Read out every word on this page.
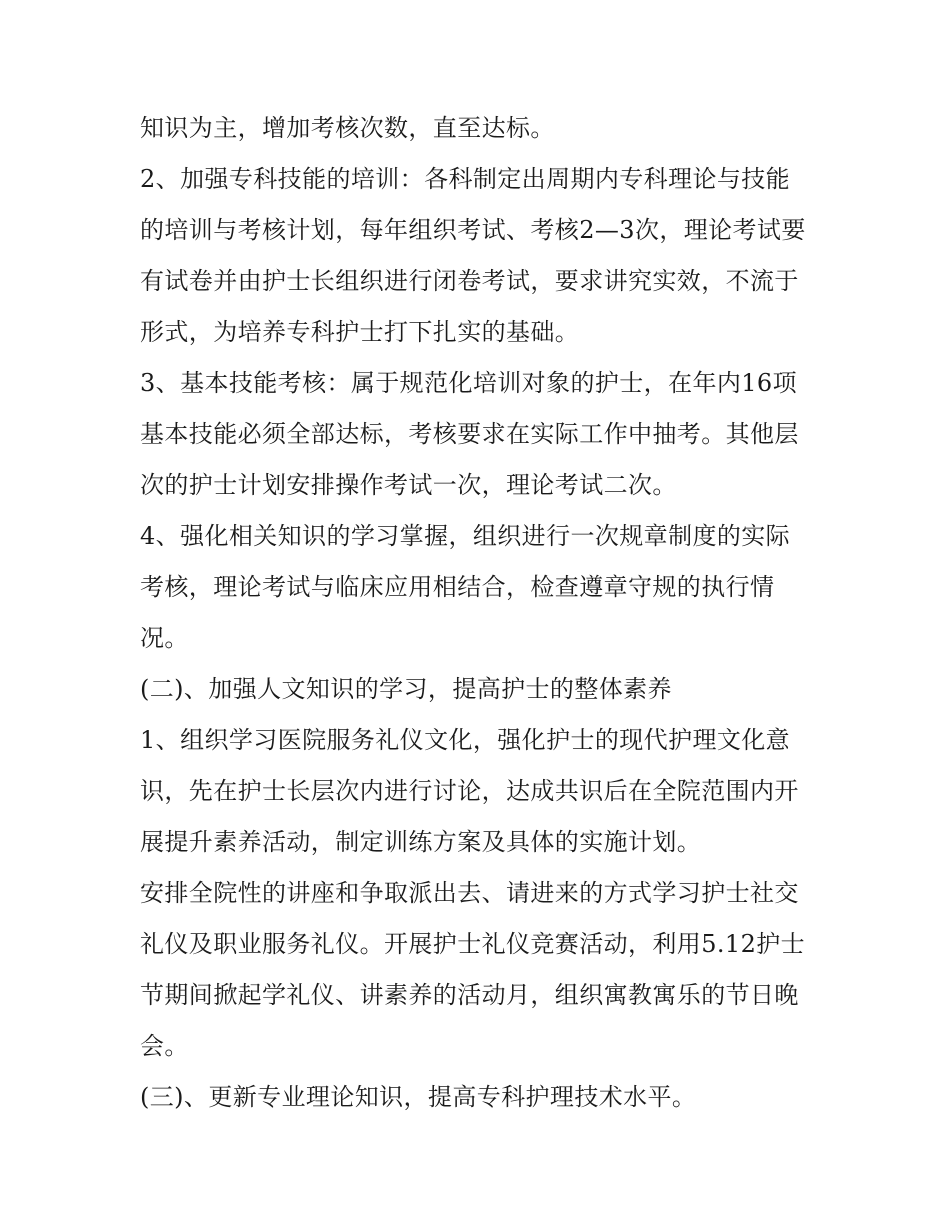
知识为主，增加考核次数，直至达标。

2、加强专科技能的培训：各科制定出周期内专科理论与技能的培训与考核计划，每年组织考试、考核2—3次，理论考试要有试卷并由护士长组织进行闭卷考试，要求讲究实效，不流于形式，为培养专科护士打下扎实的基础。

3、基本技能考核：属于规范化培训对象的护士，在年内16项基本技能必须全部达标，考核要求在实际工作中抽考。其他层次的护士计划安排操作考试一次，理论考试二次。

4、强化相关知识的学习掌握，组织进行一次规章制度的实际考核，理论考试与临床应用相结合，检查遵章守规的执行情况。

(二)、加强人文知识的学习，提高护士的整体素养

1、组织学习医院服务礼仪文化，强化护士的现代护理文化意识，先在护士长层次内进行讨论，达成共识后在全院范围内开展提升素养活动，制定训练方案及具体的实施计划。

安排全院性的讲座和争取派出去、请进来的方式学习护士社交礼仪及职业服务礼仪。开展护士礼仪竞赛活动，利用5.12护士节期间掀起学礼仪、讲素养的活动月，组织寓教寓乐的节日晚会。

(三)、更新专业理论知识，提高专科护理技术水平。
